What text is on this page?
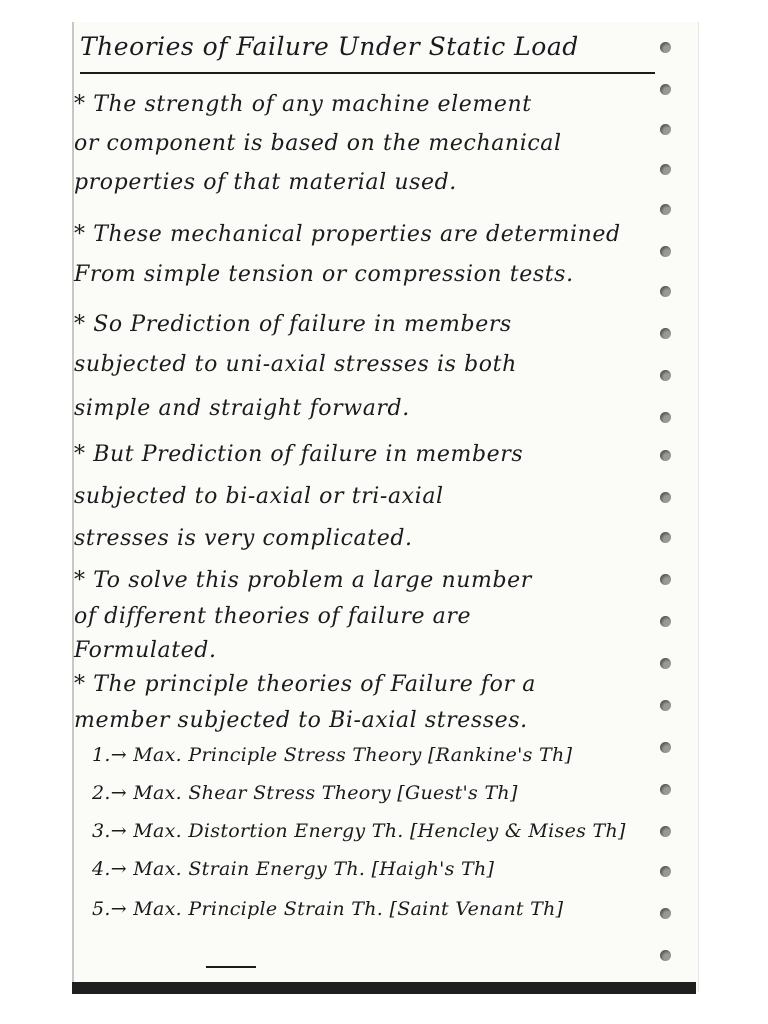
Theories of Failure Under Static Load
* The strength of any machine element
or component is based on the mechanical
properties of that material used.
* These mechanical properties are determined
From simple tension or compression tests.
* So Prediction of failure in members
subjected to uni-axial stresses is both
simple and straight forward.
* But Prediction of failure in members
subjected to bi-axial or tri-axial
stresses is very complicated.
* To solve this problem a large number
of different theories of failure are
Formulated.
* The principle theories of Failure for a
member subjected to Bi-axial stresses.
1.→ Max. Principle Stress Theory [Rankine's Th]
2.→ Max. Shear Stress Theory [Guest's Th]
3.→ Max. Distortion Energy Th. [Hencley & Mises Th]
4.→ Max. Strain Energy Th. [Haigh's Th]
5.→ Max. Principle Strain Th. [Saint Venant Th]
